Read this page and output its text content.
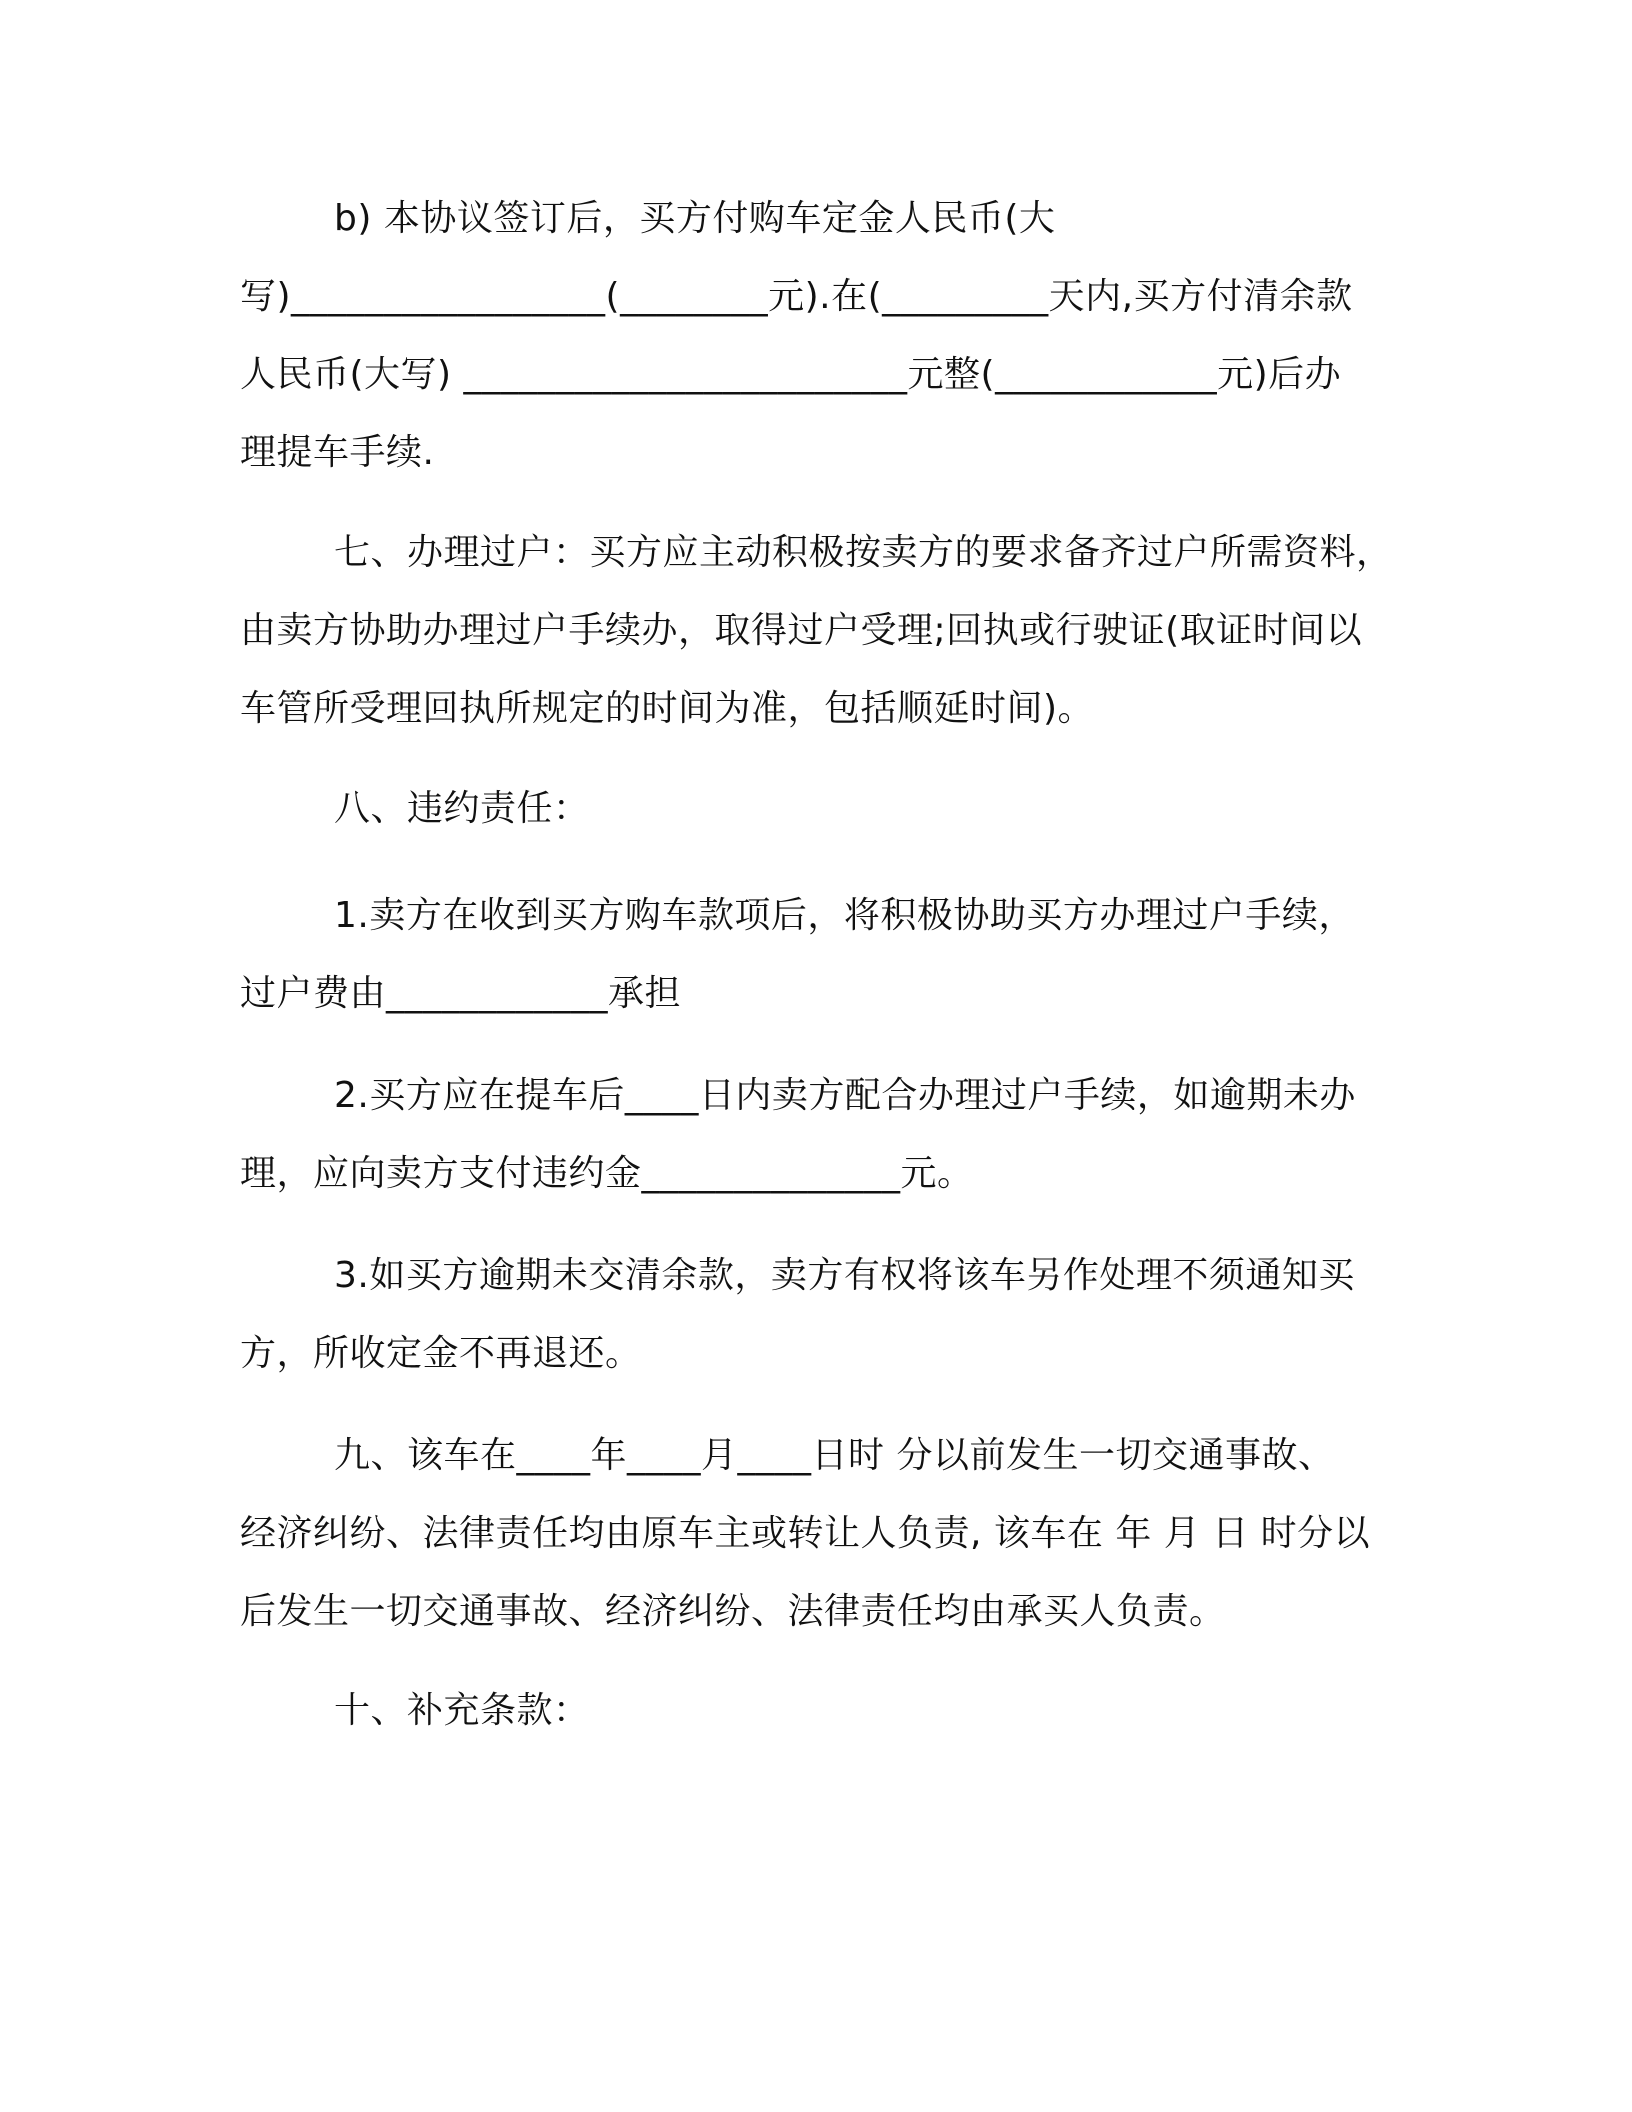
b) 本协议签订后，买方付购车定金人民币(大
写)_________________(________元).在(_________天内,买方付清余款
人民币(大写) ________________________元整(____________元)后办
理提车手续.
七、办理过户：买方应主动积极按卖方的要求备齐过户所需资料，
由卖方协助办理过户手续办，取得过户受理;回执或行驶证(取证时间以
车管所受理回执所规定的时间为准，包括顺延时间)。
八、违约责任：
1.卖方在收到买方购车款项后，将积极协助买方办理过户手续，
过户费由____________承担
2.买方应在提车后____日内卖方配合办理过户手续，如逾期未办
理，应向卖方支付违约金______________元。
3.如买方逾期未交清余款，卖方有权将该车另作处理不须通知买
方，所收定金不再退还。
九、该车在____年____月____日时 分以前发生一切交通事故、
经济纠纷、法律责任均由原车主或转让人负责, 该车在 年 月 日 时分以
后发生一切交通事故、经济纠纷、法律责任均由承买人负责。
十、补充条款：
